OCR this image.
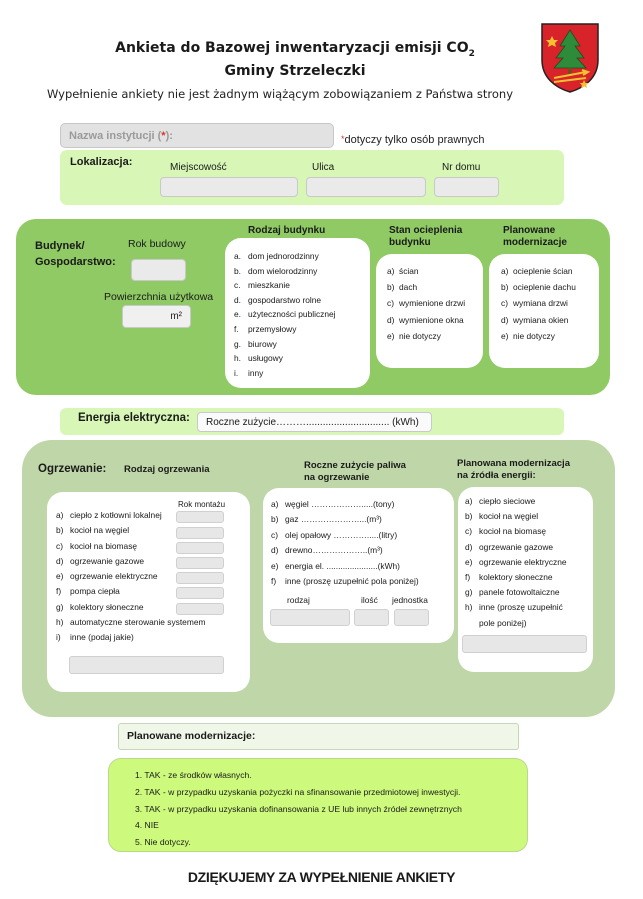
Ankieta do Bazowej inwentaryzacji emisji $CO_2$
Gminy Strzeleczki
Wypełnienie ankiety nie jest żadnym wiążącym zobowiązaniem z Państwa strony
Nazwa instytucji (*):	*dotyczy tylko osób prawnych
Lokalizacja:	Miejscowość	Ulica	Nr domu
Budynek/
Gospodarstwo:
Rok budowy
Powierzchnia użytkowa
m²
Rodzaj budynku
a. dom jednorodzinny
b. dom wielorodzinny
c. mieszkanie
d. gospodarstwo rolne
e. użyteczności publicznej
f.	przemysłowy
g. biurowy
h. usługowy
i.	inny
Stan ocieplenia
budynku
a) ścian
b) dach
c) wymienione drzwi
d) wymienione okna
e) nie dotyczy
Planowane
modernizacje
a) ocieplenie ścian
b) ocieplenie dachu
c) wymiana drzwi
d) wymiana okien
e) nie dotyczy
Energia elektryczna:	Roczne zużycie……….............................. (kWh)
Ogrzewanie: Rodzaj ogrzewania
Rok montażu
a) ciepło z kotłowni lokalnej
b) kocioł na węgiel
c) kocioł na biomasę
d) ogrzewanie gazowe
e) ogrzewanie elektryczne
f)	pompa ciepła
g) kolektory słoneczne
h) automatyczne sterowanie systemem
i)	inne (podaj jakie)
Roczne zużycie paliwa
na ogrzewanie
a) węgiel ……………….....(tony)
b) gaz …………………...(m³)
c) olej opałowy ………….....(litry)
d) drewno………………..(m³)
e) energia el. ......................(kWh)
f)	inne (proszę uzupełnić pola poniżej)
rodzaj	ilość jednostka
Planowana modernizacja
na źródła energii:
a) ciepło sieciowe
b) kocioł na węgiel
c) kocioł na biomasę
d) ogrzewanie gazowe
e) ogrzewanie elektryczne
f)	kolektory słoneczne
g) panele fotowoltaiczne
h) inne (proszę uzupełnić
pole poniżej)
Planowane modernizacje:
1. TAK - ze środków własnych.
2. TAK - w przypadku uzyskania pożyczki na sfinansowanie przedmiotowej inwestycji.
3. TAK - w przypadku uzyskania dofinansowania z UE lub innych źródeł zewnętrznych
4. NIE
5. Nie dotyczy.
DZIĘKUJEMY ZA WYPEŁNIENIE ANKIETY
